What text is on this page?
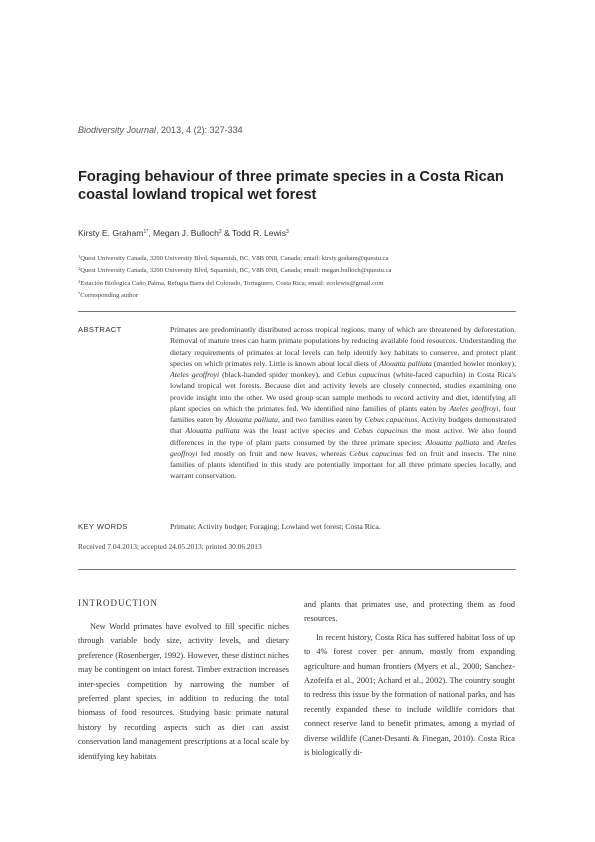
Biodiversity Journal, 2013, 4 (2): 327-334
Foraging behaviour of three primate species in a Costa Rican coastal lowland tropical wet forest
Kirsty E. Graham$^{1*}$, Megan J. Bulloch$^2$ & Todd R. Lewis$^3$
$^1$Quest University Canada, 3200 University Blvd, Squamish, BC, V8B 0N8, Canada; email: kirsty.graham@questu.ca
$^2$Quest University Canada, 3200 University Blvd, Squamish, BC, V8B 0N8, Canada; email: megan.bulloch@questu.ca
$^3$Estación Biologica Caño Palma, Refugia Barra del Colorado, Tortuguero, Costa Rica; email: ecolewis@gmail.com
*Corresponding author
ABSTRACT	Primates are predominantly distributed across tropical regions, many of which are threatened by deforestation. Removal of mature trees can harm primate populations by reducing available food resources. Understanding the dietary requirements of primates at local levels can help identify key habitats to conserve, and protect plant species on which primates rely. Little is known about local diets of Alouatta palliata (mantled howler monkey), Ateles geoffroyi (black-handed spider monkey), and Cebus capucinus (white-faced capuchin) in Costa Rica's lowland tropical wet forests. Because diet and activity levels are closely connected, studies examining one provide insight into the other. We used group scan sample methods to record activity and diet, identifying all plant species on which the primates fed. We identified nine families of plants eaten by Ateles geoffroyi, four families eaten by Alouatta palliata, and two families eaten by Cebus capucinus. Activity budgets demonstrated that Alouatta palliata was the least active species and Cebus capucinus the most active. We also found differences in the type of plant parts consumed by the three primate species; Alouatta palliata and Ateles geoffroyi fed mostly on fruit and new leaves, whereas Cebus capucinus fed on fruit and insects. The nine families of plants identified in this study are potentially important for all three primate species locally, and warrant conservation.

KEY WORDS	Primate; Activity budget; Foraging; Lowland wet forest; Costa Rica.
Received 7.04.2013; accepted 24.05.2013; printed 30.06.2013
INTRODUCTION

New World primates have evolved to fill specific niches through variable body size, activity levels, and dietary preference (Rosenberger, 1992). However, these distinct niches may be contingent on intact forest. Timber extraction increases inter-species competition by narrowing the number of preferred plant species, in addition to reducing the total biomass of food resources. Studying basic primate natural history by recording aspects such as diet can assist conservation land management prescriptions at a local scale by identifying key habitats

and plants that primates use, and protecting them as food resources.

In recent history, Costa Rica has suffered habitat loss of up to 4% forest cover per annum, mostly from expanding agriculture and human frontiers (Myers et al., 2000; Sanchez-Azofeifa et al., 2001; Achard et al., 2002). The country sought to redress this issue by the formation of national parks, and has recently expanded these to include wildlife corridors that connect reserve land to benefit primates, among a myriad of diverse wildlife (Canet-Desanti & Finegan, 2010). Costa Rica is biologically di-
